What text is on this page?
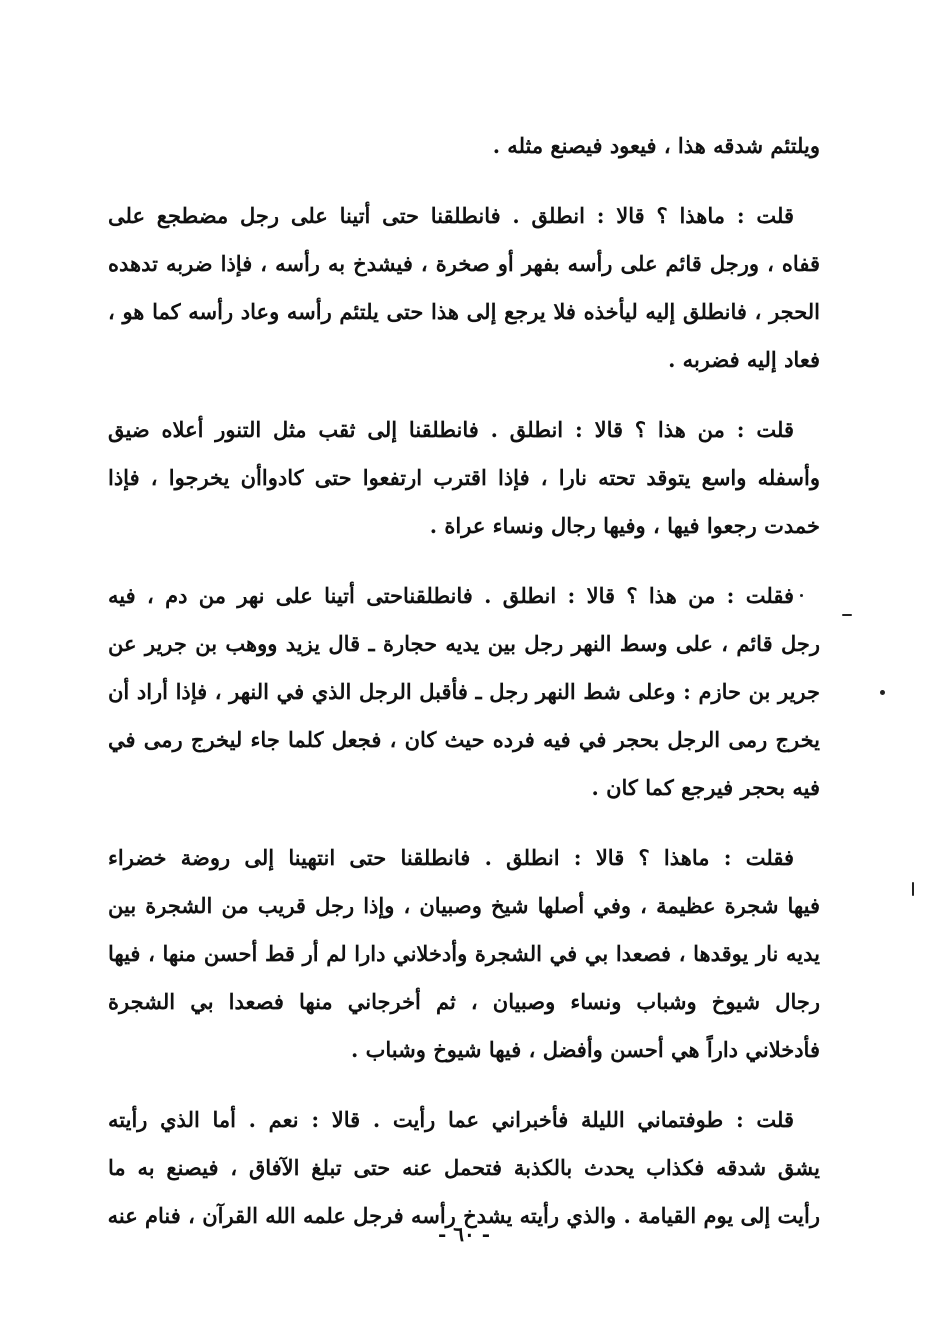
ويلتئم شدقه هذا ، فيعود فيصنع مثله .
قلت : ماهذا ؟ قالا : انطلق . فانطلقنا حتى أتينا على رجل مضطجع على
قفاه ، ورجل قائم على رأسه بفهر أو صخرة ، فيشدخ به رأسه ، فإذا ضربه تدهده
الحجر ، فانطلق إليه ليأخذه فلا يرجع إلى هذا حتى يلتئم رأسه وعاد رأسه كما هو ،
فعاد إليه فضربه .
قلت : من هذا ؟ قالا : انطلق . فانطلقنا إلى ثقب مثل التنور أعلاه ضيق
وأسفله واسع يتوقد تحته نارا ، فإذا اقترب ارتفعوا حتى كادواأن يخرجوا ، فإذا
خمدت رجعوا فيها ، وفيها رجال ونساء عراة .
فقلت : من هذا ؟ قالا : انطلق . فانطلقناحتى أتينا على نهر من دم ، فيه
رجل قائم ، على وسط النهر رجل بين يديه حجارة ـ قال يزيد ووهب بن جرير عن
جرير بن حازم : وعلى شط النهر رجل ـ فأقبل الرجل الذي في النهر ، فإذا أراد أن
يخرج رمى الرجل بحجر في فيه فرده حيث كان ، فجعل كلما جاء ليخرج رمى في
فيه بحجر فيرجع كما كان .
فقلت : ماهذا ؟ قالا : انطلق . فانطلقنا حتى انتهينا إلى روضة خضراء
فيها شجرة عظيمة ، وفي أصلها شيخ وصبيان ، وإذا رجل قريب من الشجرة بين
يديه نار يوقدها ، فصعدا بي في الشجرة وأدخلاني دارا لم أر قط أحسن منها ، فيها
رجال شيوخ وشباب ونساء وصبيان ، ثم أخرجاني منها فصعدا بي الشجرة
فأدخلاني داراً هي أحسن وأفضل ، فيها شيوخ وشباب .
قلت : طوفتماني الليلة فأخبراني عما رأيت . قالا : نعم . أما الذي رأيته
يشق شدقه فكذاب يحدث بالكذبة فتحمل عنه حتى تبلغ الآفاق ، فيصنع به ما
رأيت إلى يوم القيامة . والذي رأيته يشدخ رأسه فرجل علمه الله القرآن ، فنام عنه
- ٦٠ -
